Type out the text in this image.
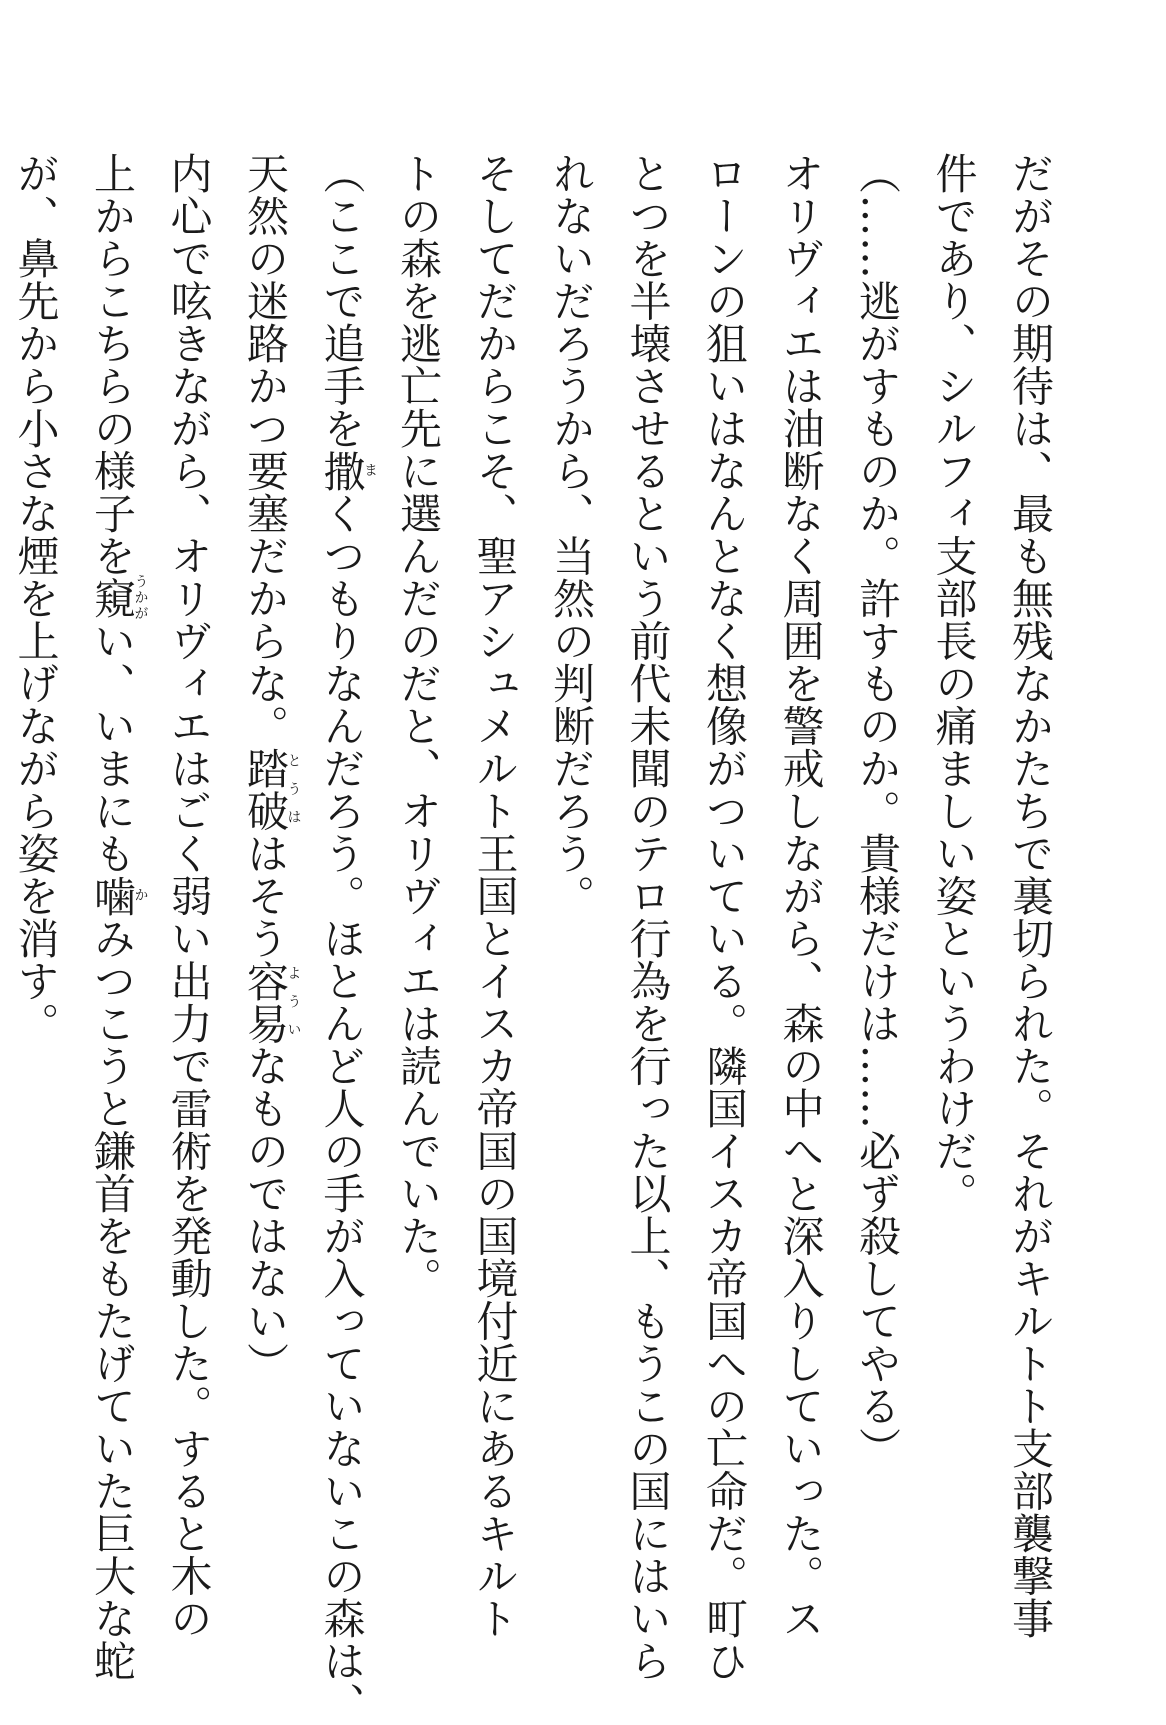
だがその期待は、最も無残なかたちで裏切られた。それがキルトト支部襲撃事
件であり、シルフィ支部長の痛ましい姿というわけだ。
（……逃がすものか。許すものか。貴様だけは……必ず殺してやる）
オリヴィエは油断なく周囲を警戒しながら、森の中へと深入りしていった。ス
ローンの狙いはなんとなく想像がついている。隣国イスカ帝国への亡命だ。町ひ
とつを半壊させるという前代未聞のテロ行為を行った以上、もうこの国にはいら
れないだろうから、当然の判断だろう。
そしてだからこそ、聖アシュメルト王国とイスカ帝国の国境付近にあるキルト
トの森を逃亡先に選んだのだと、オリヴィエは読んでいた。
（ここで追手を撒まくつもりなんだろう。ほとんど人の手が入っていないこの森は、
天然の迷路かつ要塞だからな。踏破とうははそう容易よういなものではない）
内心で呟きながら、オリヴィエはごく弱い出力で雷術を発動した。すると木の
上からこちらの様子を窺うかがい、いまにも噛かみつこうと鎌首をもたげていた巨大な蛇
が、鼻先から小さな煙を上げながら姿を消す。
